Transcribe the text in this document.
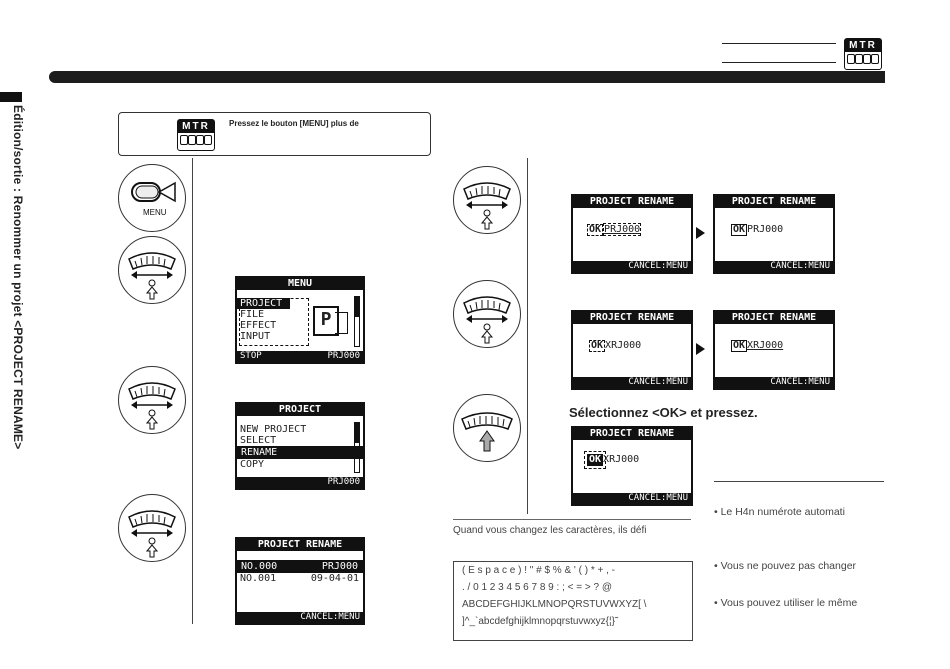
MTR
Édition/sortie : Renommer un projet <PROJECT RENAME>	MTR	Pressez le bouton [MENU] plus de
MENU
MENU
PROJECT
FILE
EFFECT
INPUT
P
STOP	PRJ000
PROJECT
NEW PROJECT
SELECT
RENAME
COPY
PRJ000
PROJECT RENAME
NO.000	PRJ000
NO.001	09-04-01
CANCEL:MENU
PROJECT RENAME
OK PRJ000
CANCEL:MENU
PROJECT RENAME
OK PRJ000
CANCEL:MENU
PROJECT RENAME
OK XRJ000
CANCEL:MENU
PROJECT RENAME
OK XRJ000
CANCEL:MENU
Sélectionnez <OK> et pressez.
PROJECT RENAME
OK XRJ000
CANCEL:MENU
Quand vous changez les caractères, ils défi
( E s p a c e ) ! " # $ % & ' ( ) * + , -
. / 0 1 2 3 4 5 6 7 8 9 : ; < = > ? @
ABCDEFGHIJKLMNOPQRSTUVWXYZ[ \
]^_`abcdefghijklmnopqrstuvwxyz{¦}˜
• Le H4n numérote automati
• Vous ne pouvez pas changer
• Vous pouvez utiliser le même
